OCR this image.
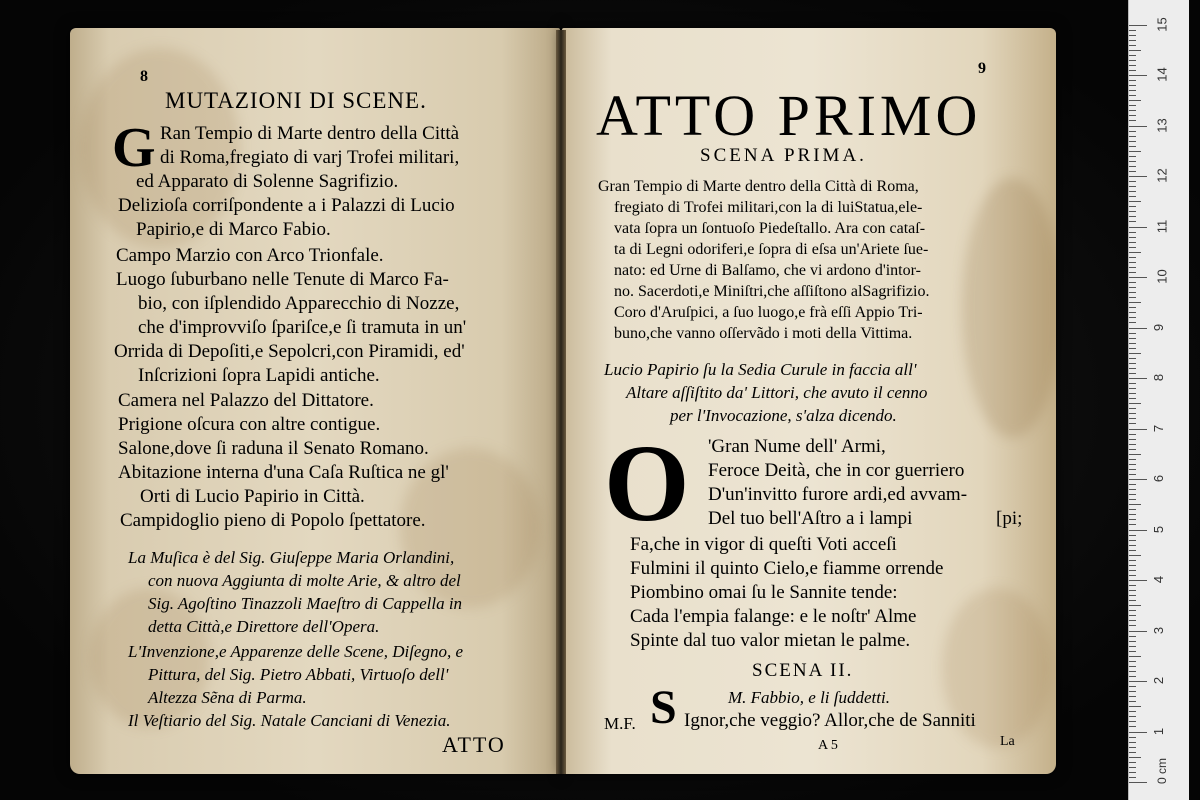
8
MUTAZIONI DI SCENE.
G Ran Tempio di Marte dentro della Città
di Roma,fregiato di varj Trofei militari,
ed Apparato di Solenne Sagrifizio.
Delizioſa corriſpondente a i Palazzi di Lucio
Papirio,e di Marco Fabio.
Campo Marzio con Arco Trionfale.
Luogo ſuburbano nelle Tenute di Marco Fa-
bio, con iſplendido Apparecchio di Nozze,
che d'improvviſo ſpariſce,e ſi tramuta in un'
Orrida di Depoſiti,e Sepolcri,con Piramidi, ed'
Inſcrizioni ſopra Lapidi antiche.
Camera nel Palazzo del Dittatore.
Prigione oſcura con altre contigue.
Salone,dove ſi raduna il Senato Romano.
Abitazione interna d'una Caſa Ruſtica ne gl'
Orti di Lucio Papirio in Città.
Campidoglio pieno di Popolo ſpettatore.
La Muſica è del Sig. Giuſeppe Maria Orlandini,
con nuova Aggiunta di molte Arie, & altro del
Sig. Agoſtino Tinazzoli Maeſtro di Cappella in
detta Città,e Direttore dell'Opera.
L'Invenzione,e Apparenze delle Scene, Diſegno, e
Pittura, del Sig. Pietro Abbati, Virtuoſo dell'
Altezza Sẽna di Parma.
Il Veſtiario del Sig. Natale Canciani di Venezia.
ATTO
9
ATTO PRIMO
SCENA PRIMA.
Gran Tempio di Marte dentro della Città di Roma,
fregiato di Trofei militari,con la di luiStatua,ele-
vata ſopra un ſontuoſo Piedeſtallo. Ara con cataſ-
ta di Legni odoriferi,e ſopra di eſsa un'Ariete ſue-
nato: ed Urne di Balſamo, che vi ardono d'intor-
no. Sacerdoti,e Miniſtri,che aſſiſtono alSagrifizio.
Coro d'Aruſpici, a ſuo luogo,e frà eſſi Appio Tri-
buno,che vanno oſſervãdo i moti della Vittima.
Lucio Papirio ſu la Sedia Curule in faccia all'
Altare aſſiſtito da' Littori, che avuto il cenno
per l'Invocazione, s'alza dicendo.
O 'Gran Nume dell' Armi,
Feroce Deità, che in cor guerriero
D'un'invitto furore ardi,ed avvam-
Del tuo bell'Aſtro a i lampi	[pi;
Fa,che in vigor di queſti Voti acceſi
Fulmini il quinto Cielo,e fiamme orrende
Piombino omai ſu le Sannite tende:
Cada l'empia falange: e le noſtr' Alme
Spinte dal tuo valor mietan le palme.
SCENA II.
M. Fabbio, e li ſuddetti.
M.F. S Ignor,che veggio? Allor,che de Sanniti
A 5	La
0 cm
1
2
3
4
5
6
7
8
9
10
11
12
13
14
15
